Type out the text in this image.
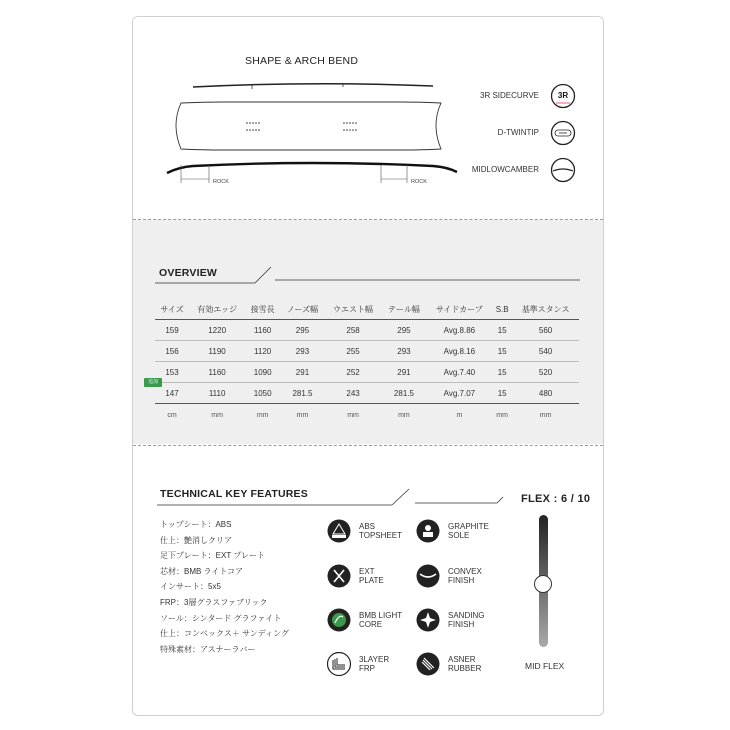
SHAPE & ARCH BEND
ROCK	ROCK
3R SIDECURVE 3R
D-TWINTIP
MIDLOWCAMBER
OVERVIEW
サイズ	有効エッジ	接雪長	ノーズ幅	ウエスト幅	テール幅	サイドカーブ	S.B	基準スタンス
159	1220	1160	295	258	295	Avg.8.86	15	560
156	1190	1120	293	255	293	Avg.8.16	15	540
153	1160	1090	291	252	291	Avg.7.40	15	520
147	1110	1050	281.5	243	281.5	Avg.7.07	15	480
cm	mm	mm	mm	mm	mm	m	mm	mm
追加
TECHNICAL KEY FEATURES
トップシート：ABS
仕上：艶消しクリア
足下プレート：EXT プレート
芯材：BMB ライトコア
インサート：5x5
FRP：3層グラスファブリック
ソール：シンタード グラファイト
仕上：コンベックス＋ サンディング
特殊素材：アスナーラバー
ABS
TOPSHEET
EXT
PLATE
BMB LIGHT
CORE
3LAYER
FRP
GRAPHITE
SOLE
CONVEX
FINISH
SANDING
FINISH
ASNER
RUBBER
FLEX : 6 / 10
MID FLEX
